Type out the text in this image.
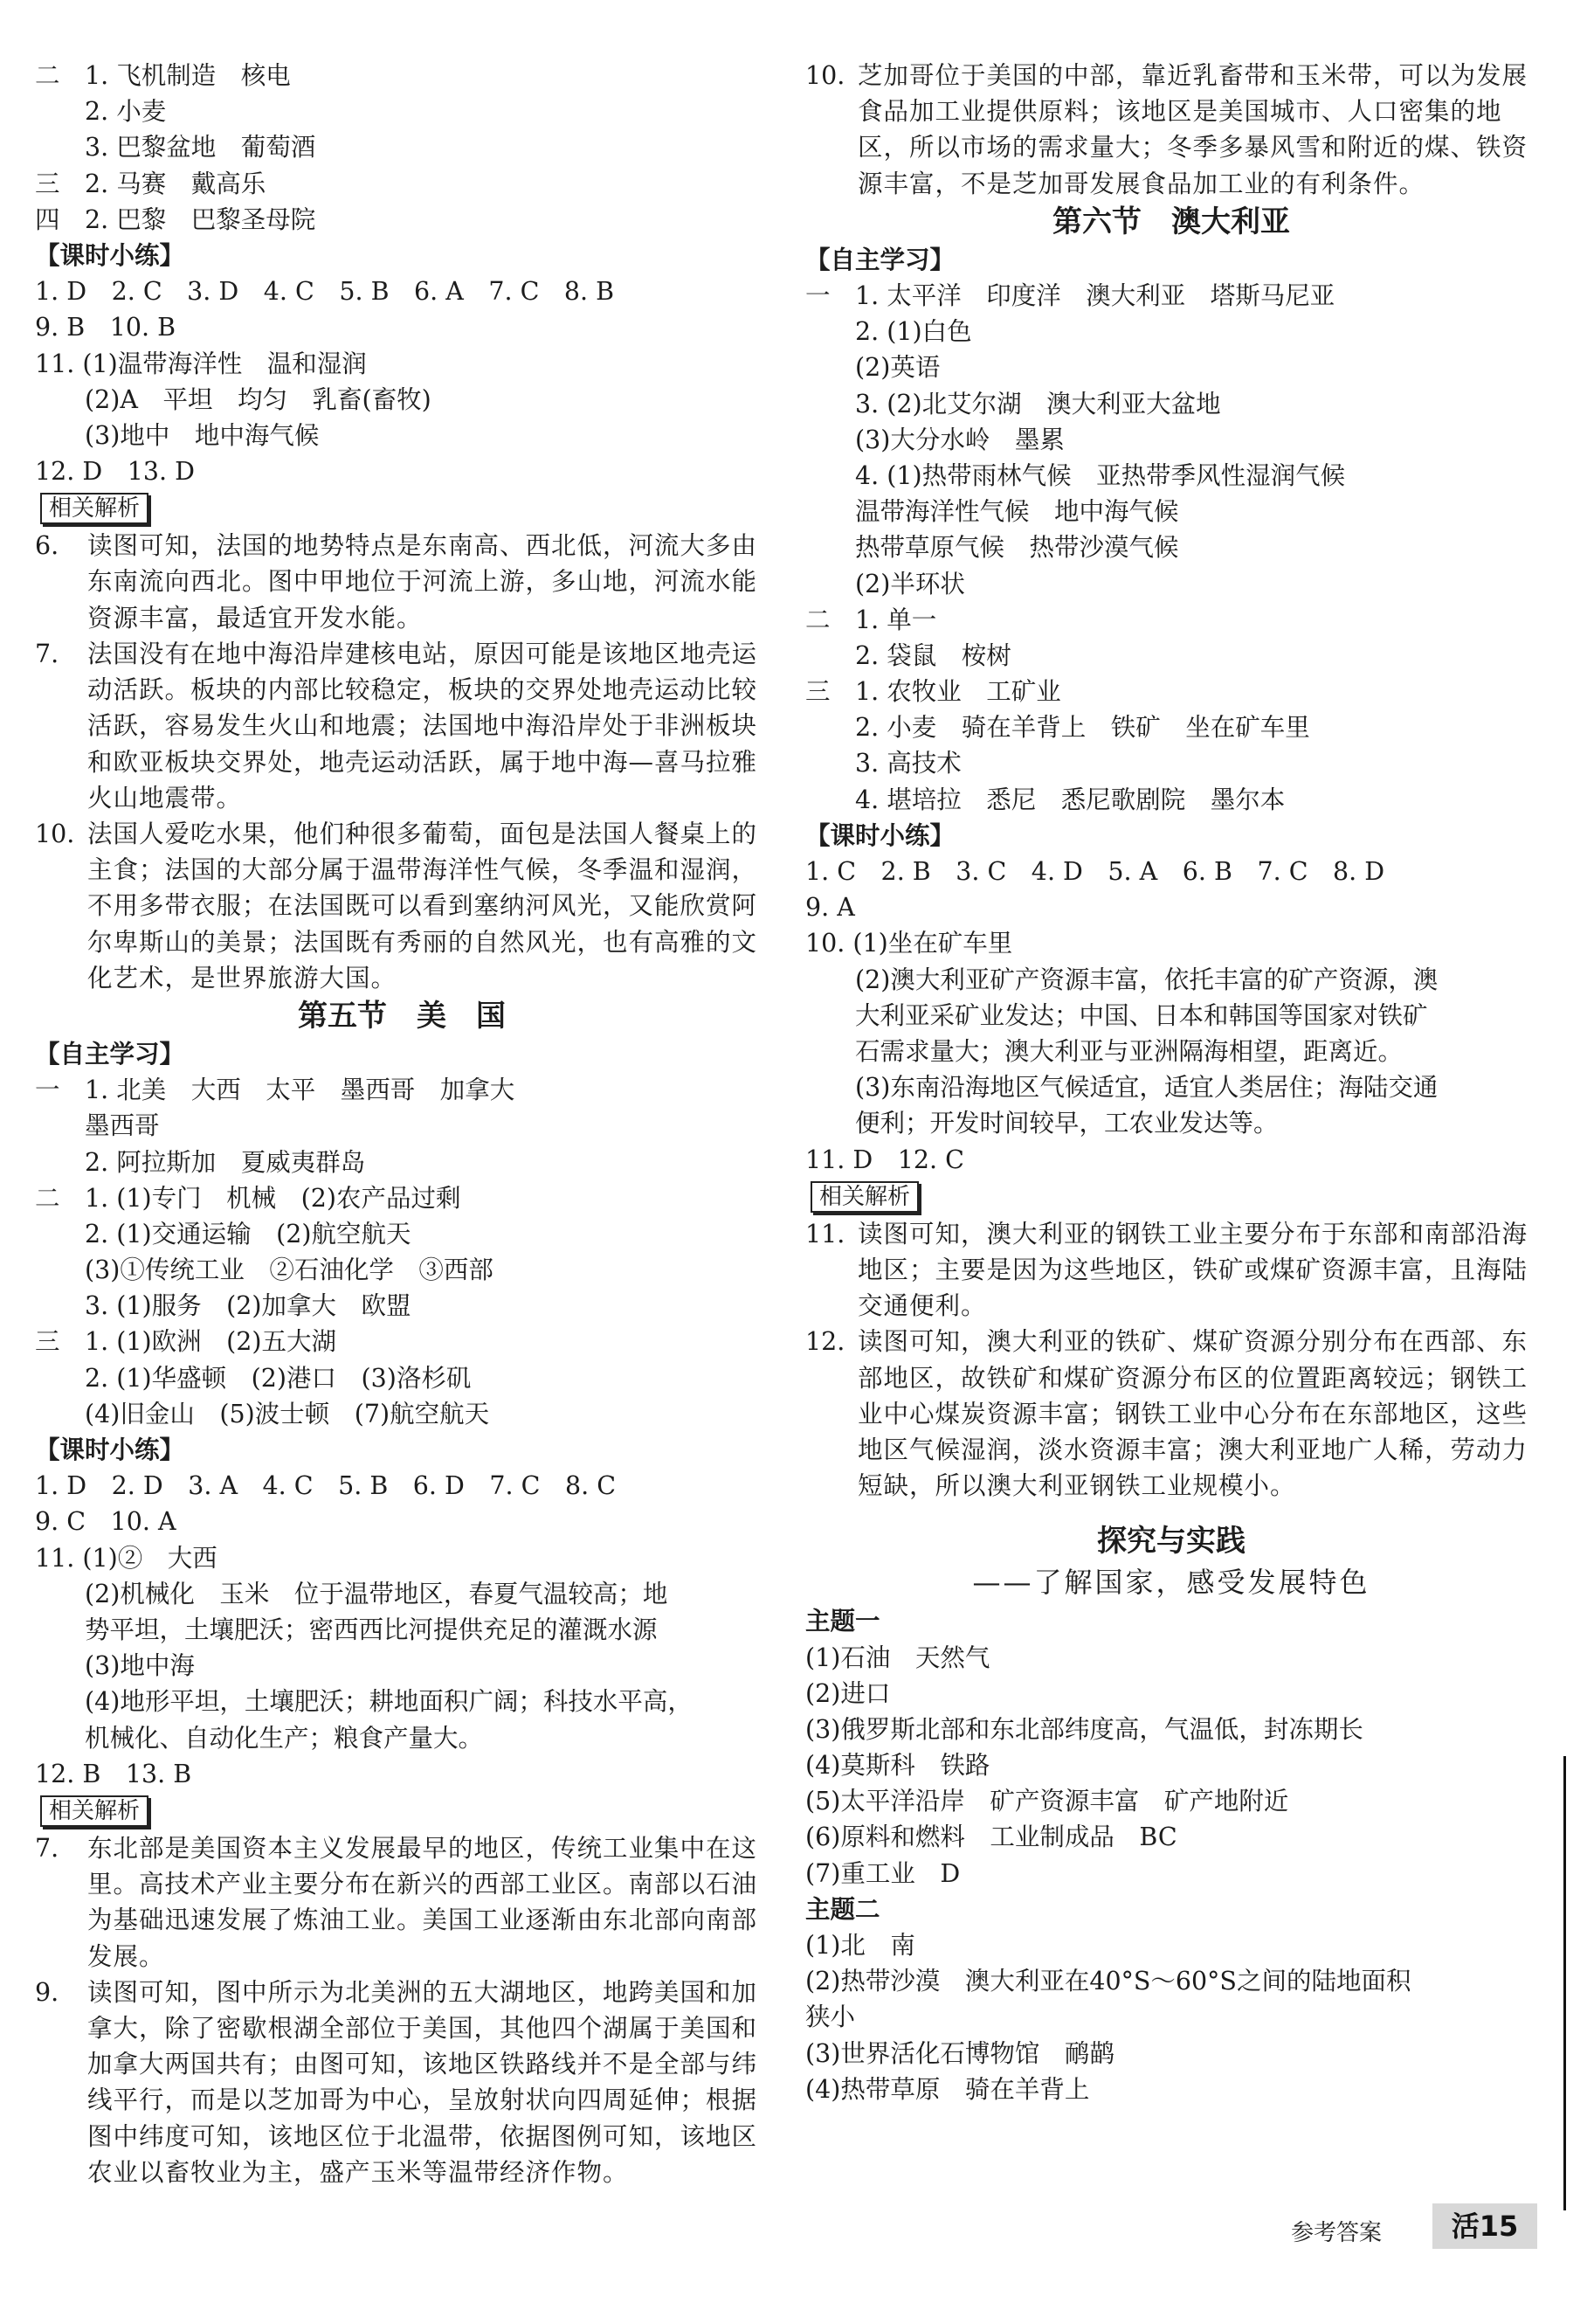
二　1. 飞机制造　核电
　　2. 小麦
　　3. 巴黎盆地　葡萄酒
三　2. 马赛　戴高乐
四　2. 巴黎　巴黎圣母院
【课时小练】
1. D　2. C　3. D　4. C　5. B　6. A　7. C　8. B
9. B　10. B
11. (1)温带海洋性　温和湿润
　　(2)A　平坦　均匀　乳畜(畜牧)
　　(3)地中　地中海气候
12. D　13. D
相关解析
6.	读图可知，法国的地势特点是东南高、西北低，河流大多由东南流向西北。图中甲地位于河流上游，多山地，河流水能资源丰富，最适宜开发水能。
7.	法国没有在地中海沿岸建核电站，原因可能是该地区地壳运动活跃。板块的内部比较稳定，板块的交界处地壳运动比较活跃，容易发生火山和地震；法国地中海沿岸处于非洲板块和欧亚板块交界处，地壳运动活跃，属于地中海—喜马拉雅火山地震带。
10. 法国人爱吃水果，他们种很多葡萄，面包是法国人餐桌上的主食；法国的大部分属于温带海洋性气候，冬季温和湿润，不用多带衣服；在法国既可以看到塞纳河风光，又能欣赏阿尔卑斯山的美景；法国既有秀丽的自然风光，也有高雅的文化艺术，是世界旅游大国。
第五节　美　国
【自主学习】
一　1. 北美　大西　太平　墨西哥　加拿大
　　墨西哥
　　2. 阿拉斯加　夏威夷群岛
二　1. (1)专门　机械　(2)农产品过剩
　　2. (1)交通运输　(2)航空航天
　　(3)①传统工业　②石油化学　③西部
　　3. (1)服务　(2)加拿大　欧盟
三　1. (1)欧洲　(2)五大湖
　　2. (1)华盛顿　(2)港口　(3)洛杉矶
　　(4)旧金山　(5)波士顿　(7)航空航天
【课时小练】
1. D　2. D　3. A　4. C　5. B　6. D　7. C　8. C
9. C　10. A
11. (1)②　大西
　　(2)机械化　玉米　位于温带地区，春夏气温较高；地
　　势平坦，土壤肥沃；密西西比河提供充足的灌溉水源
　　(3)地中海
　　(4)地形平坦，土壤肥沃；耕地面积广阔；科技水平高，
　　机械化、自动化生产；粮食产量大。
12. B　13. B
相关解析
7.	东北部是美国资本主义发展最早的地区，传统工业集中在这里。高技术产业主要分布在新兴的西部工业区。南部以石油为基础迅速发展了炼油工业。美国工业逐渐由东北部向南部发展。
9.	读图可知，图中所示为北美洲的五大湖地区，地跨美国和加拿大，除了密歇根湖全部位于美国，其他四个湖属于美国和加拿大两国共有；由图可知，该地区铁路线并不是全部与纬线平行，而是以芝加哥为中心，呈放射状向四周延伸；根据图中纬度可知，该地区位于北温带，依据图例可知，该地区农业以畜牧业为主，盛产玉米等温带经济作物。
10. 芝加哥位于美国的中部，靠近乳畜带和玉米带，可以为发展食品加工业提供原料；该地区是美国城市、人口密集的地区，所以市场的需求量大；冬季多暴风雪和附近的煤、铁资源丰富，不是芝加哥发展食品加工业的有利条件。
第六节　澳大利亚
【自主学习】
一　1. 太平洋　印度洋　澳大利亚　塔斯马尼亚
　　2. (1)白色
　　(2)英语
　　3. (2)北艾尔湖　澳大利亚大盆地
　　(3)大分水岭　墨累
　　4. (1)热带雨林气候　亚热带季风性湿润气候
　　温带海洋性气候　地中海气候
　　热带草原气候　热带沙漠气候
　　(2)半环状
二　1. 单一
　　2. 袋鼠　桉树
三　1. 农牧业　工矿业
　　2. 小麦　骑在羊背上　铁矿　坐在矿车里
　　3. 高技术
　　4. 堪培拉　悉尼　悉尼歌剧院　墨尔本
【课时小练】
1. C　2. B　3. C　4. D　5. A　6. B　7. C　8. D
9. A
10. (1)坐在矿车里
　　(2)澳大利亚矿产资源丰富，依托丰富的矿产资源，澳
　　大利亚采矿业发达；中国、日本和韩国等国家对铁矿
　　石需求量大；澳大利亚与亚洲隔海相望，距离近。
　　(3)东南沿海地区气候适宜，适宜人类居住；海陆交通
　　便利；开发时间较早，工农业发达等。
11. D　12. C
相关解析
11. 读图可知，澳大利亚的钢铁工业主要分布于东部和南部沿海地区；主要是因为这些地区，铁矿或煤矿资源丰富，且海陆交通便利。
12. 读图可知，澳大利亚的铁矿、煤矿资源分别分布在西部、东部地区，故铁矿和煤矿资源分布区的位置距离较远；钢铁工业中心煤炭资源丰富；钢铁工业中心分布在东部地区，这些地区气候湿润，淡水资源丰富；澳大利亚地广人稀，劳动力短缺，所以澳大利亚钢铁工业规模小。
探究与实践
——了解国家，感受发展特色
主题一
(1)石油　天然气
(2)进口
(3)俄罗斯北部和东北部纬度高，气温低，封冻期长
(4)莫斯科　铁路
(5)太平洋沿岸　矿产资源丰富　矿产地附近
(6)原料和燃料　工业制成品　BC
(7)重工业　D
主题二
(1)北　南
(2)热带沙漠　澳大利亚在40°S～60°S之间的陆地面积
狭小
(3)世界活化石博物馆　鸸鹋
(4)热带草原　骑在羊背上
参考答案	活15
